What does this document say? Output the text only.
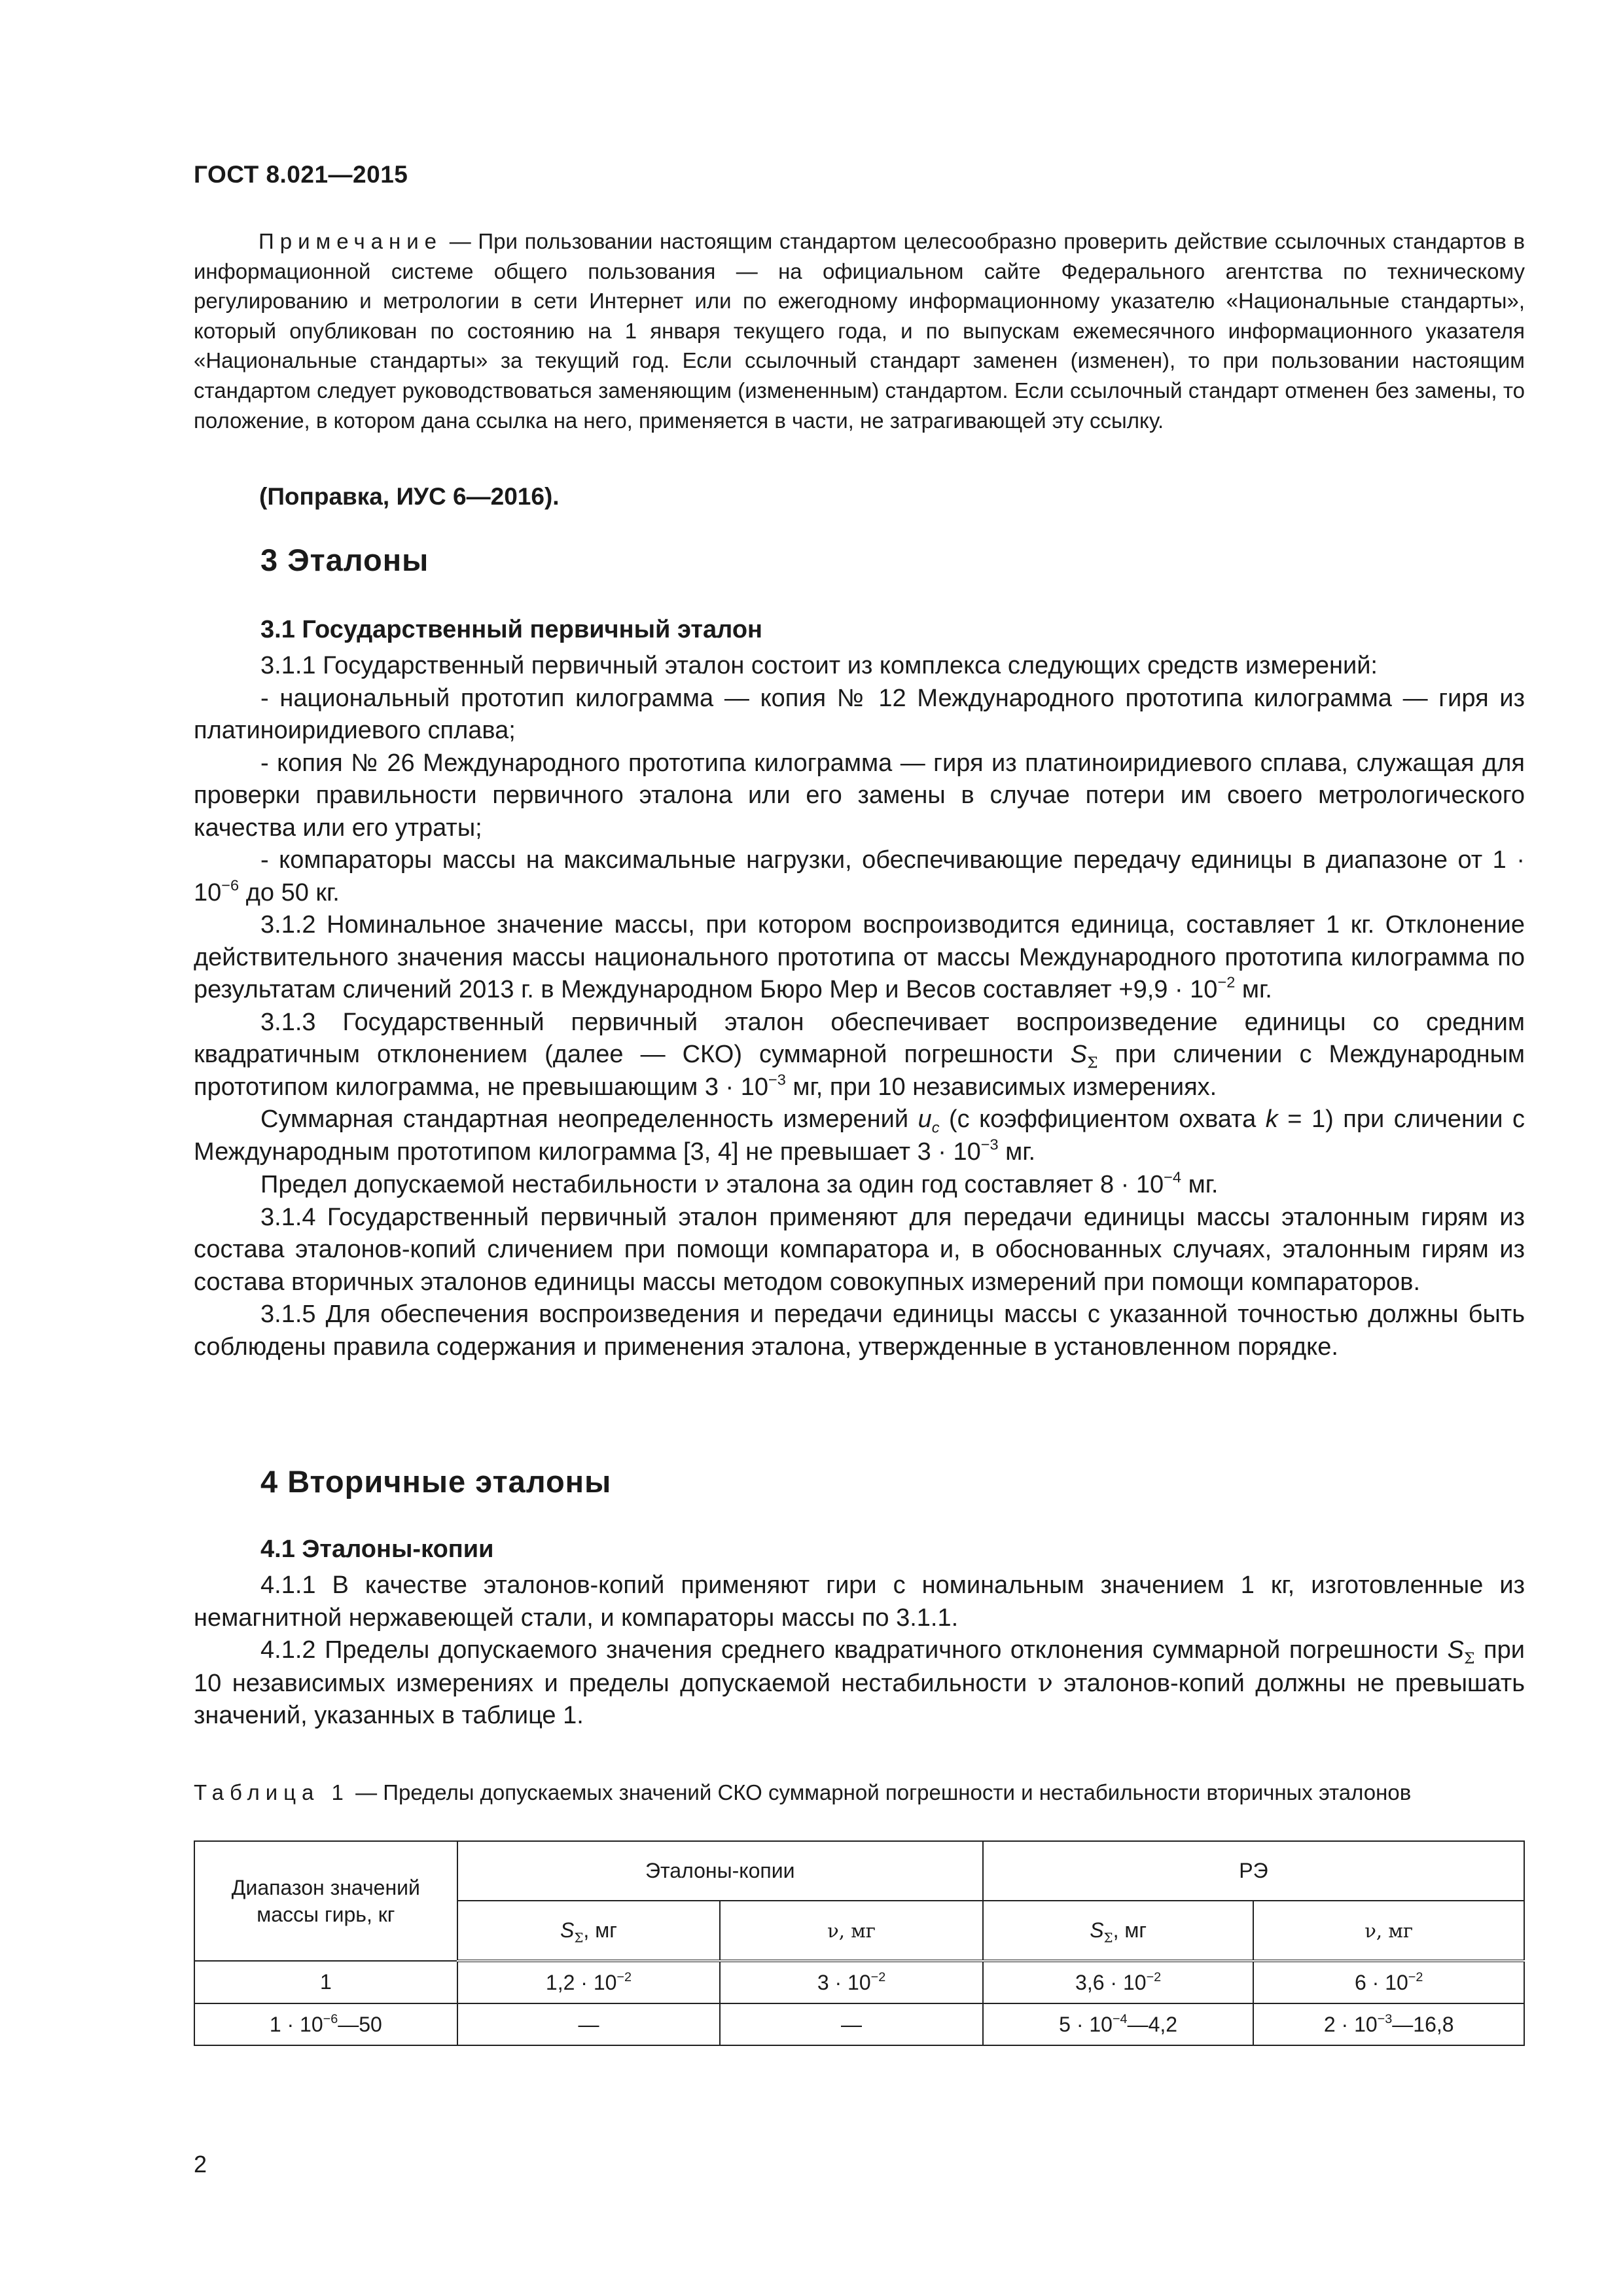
ГОСТ 8.021—2015
Примечание — При пользовании настоящим стандартом целесообразно проверить действие ссылочных стандартов в информационной системе общего пользования — на официальном сайте Федерального агентства по техническому регулированию и метрологии в сети Интернет или по ежегодному информационному указателю «Национальные стандарты», который опубликован по состоянию на 1 января текущего года, и по выпускам ежемесячного информационного указателя «Национальные стандарты» за текущий год. Если ссылочный стандарт заменен (изменен), то при пользовании настоящим стандартом следует руководствоваться заменяющим (измененным) стандартом. Если ссылочный стандарт отменен без замены, то положение, в котором дана ссылка на него, применяется в части, не затрагивающей эту ссылку.
(Поправка, ИУС 6—2016).
3 Эталоны
3.1 Государственный первичный эталон

3.1.1 Государственный первичный эталон состоит из комплекса следующих средств измерений:

- национальный прототип килограмма — копия № 12 Международного прототипа килограмма — гиря из платиноиридиевого сплава;

- копия № 26 Международного прототипа килограмма — гиря из платиноиридиевого сплава, служащая для проверки правильности первичного эталона или его замены в случае потери им своего метрологического качества или его утраты;

- компараторы массы на максимальные нагрузки, обеспечивающие передачу единицы в диапазоне от $1 \cdot 10^{-6}$ до 50 кг.

3.1.2 Номинальное значение массы, при котором воспроизводится единица, составляет 1 кг. Отклонение действительного значения массы национального прототипа от массы Международного прототипа килограмма по результатам сличений 2013 г. в Международном Бюро Мер и Весов составляет $+9,9 \cdot 10^{-2}$ мг.

3.1.3 Государственный первичный эталон обеспечивает воспроизведение единицы со средним квадратичным отклонением (далее — СКО) суммарной погрешности $S_\Sigma$ при сличении с Международным прототипом килограмма, не превышающим $3 \cdot 10^{-3}$ мг, при 10 независимых измерениях.

Суммарная стандартная неопределенность измерений $u_c$ (с коэффициентом охвата k = 1) при сличении с Международным прототипом килограмма [3, 4] не превышает $3 \cdot 10^{-3}$ мг.

Предел допускаемой нестабильности ν эталона за один год составляет $8 \cdot 10^{-4}$ мг.

3.1.4 Государственный первичный эталон применяют для передачи единицы массы эталонным гирям из состава эталонов-копий сличением при помощи компаратора и, в обоснованных случаях, эталонным гирям из состава вторичных эталонов единицы массы методом совокупных измерений при помощи компараторов.

3.1.5 Для обеспечения воспроизведения и передачи единицы массы с указанной точностью должны быть соблюдены правила содержания и применения эталона, утвержденные в установленном порядке.

4 Вторичные эталоны
4.1 Эталоны-копии

4.1.1 В качестве эталонов-копий применяют гири с номинальным значением 1 кг, изготовленные из немагнитной нержавеющей стали, и компараторы массы по 3.1.1.

4.1.2 Пределы допускаемого значения среднего квадратичного отклонения суммарной погрешности $S_\Sigma$ при 10 независимых измерениях и пределы допускаемой нестабильности ν эталонов-копий должны не превышать значений, указанных в таблице 1.

Таблица 1 — Пределы допускаемых значений СКО суммарной погрешности и нестабильности вторичных эталонов
Диапазон значений массы гирь, кг	Эталоны-копии		РЭ	
	$S_\Sigma$, мг	ν, мг	$S_\Sigma$, мг	ν, мг
1	$1,2 \cdot 10^{-2}$	$3 \cdot 10^{-2}$	$3,6 \cdot 10^{-2}$	$6 \cdot 10^{-2}$
$1 \cdot 10^{-6}—50$	—	—	$5 \cdot 10^{-4}—4,2$	$2 \cdot 10^{-3}—16,8$
2
